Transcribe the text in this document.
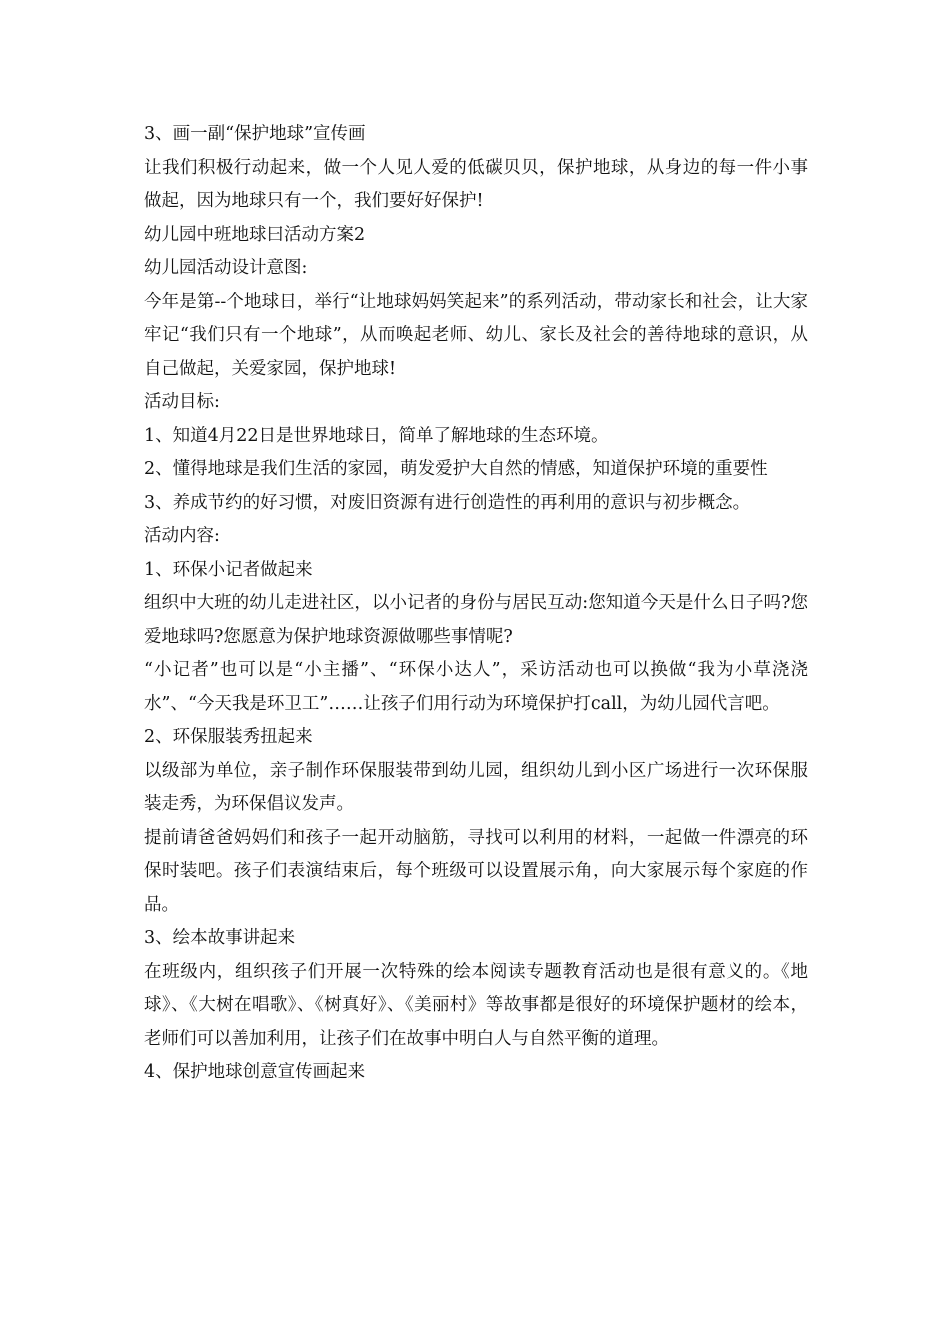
3、画一副“保护地球”宣传画

让我们积极行动起来，做一个人见人爱的低碳贝贝，保护地球，从身边的每一件小事做起，因为地球只有一个，我们要好好保护!

幼儿园中班地球曰活动方案2

幼儿园活动设计意图:

今年是第--个地球日，举行“让地球妈妈笑起来”的系列活动，带动家长和社会，让大家牢记“我们只有一个地球”，从而唤起老师、幼儿、家长及社会的善待地球的意识，从自己做起，关爱家园，保护地球!

活动目标:

1、知道4月22日是世界地球日，简单了解地球的生态环境。

2、懂得地球是我们生活的家园，萌发爱护大自然的情感，知道保护环境的重要性

3、养成节约的好习惯，对废旧资源有进行创造性的再利用的意识与初步概念。

活动内容:

1、环保小记者做起来

组织中大班的幼儿走进社区，以小记者的身份与居民互动:您知道今天是什么日子吗?您爱地球吗?您愿意为保护地球资源做哪些事情呢?

“小记者”也可以是“小主播”、“环保小达人”，采访活动也可以换做“我为小草浇浇水”、“今天我是环卫工”……让孩子们用行动为环境保护打call，为幼儿园代言吧。

2、环保服装秀扭起来

以级部为单位，亲子制作环保服装带到幼儿园，组织幼儿到小区广场进行一次环保服装走秀，为环保倡议发声。

提前请爸爸妈妈们和孩子一起开动脑筋，寻找可以利用的材料，一起做一件漂亮的环保时装吧。孩子们表演结束后，每个班级可以设置展示角，向大家展示每个家庭的作品。

3、绘本故事讲起来

在班级内，组织孩子们开展一次特殊的绘本阅读专题教育活动也是很有意义的。《地球》、《大树在唱歌》、《树真好》、《美丽村》等故事都是很好的环境保护题材的绘本，老师们可以善加利用，让孩子们在故事中明白人与自然平衡的道理。

4、保护地球创意宣传画起来
